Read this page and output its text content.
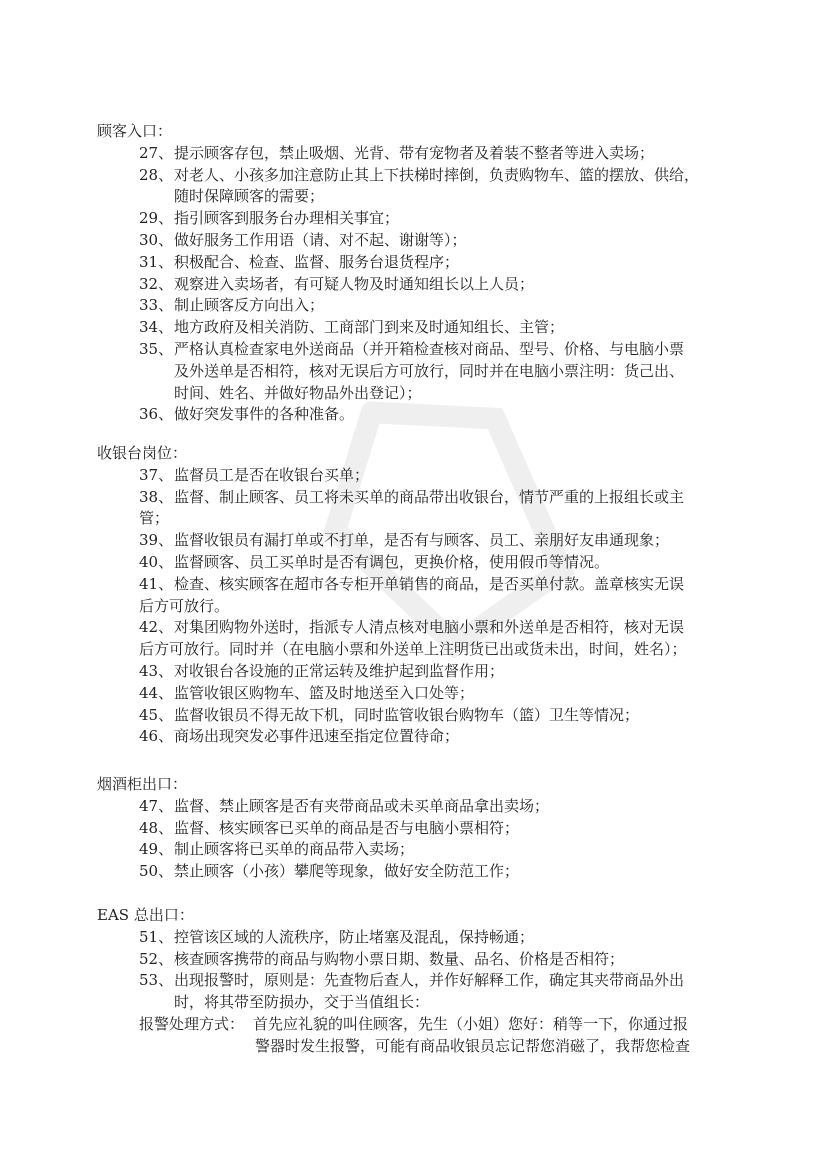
顾客入口：
27、 提示顾客存包，禁止吸烟、光背、带有宠物者及着装不整者等进入卖场；
28、 对老人、小孩多加注意防止其上下扶梯时摔倒，负责购物车、篮的摆放、供给，
随时保障顾客的需要；
29、 指引顾客到服务台办理相关事宜；
30、 做好服务工作用语（请、对不起、谢谢等）；
31、 积极配合、检查、监督、服务台退货程序；
32、 观察进入卖场者，有可疑人物及时通知组长以上人员；
33、 制止顾客反方向出入；
34、 地方政府及相关消防、工商部门到来及时通知组长、主管；
35、 严格认真检查家电外送商品（并开箱检查核对商品、型号、价格、与电脑小票
及外送单是否相符，核对无误后方可放行，同时并在电脑小票注明：货己出、
时间、姓名、并做好物品外出登记）；
36、 做好突发事件的各种准备。
收银台岗位：
37、 监督员工是否在收银台买单；
38、 监督、制止顾客、员工将未买单的商品带出收银台，情节严重的上报组长或主
管；
39、 监督收银员有漏打单或不打单，是否有与顾客、员工、亲朋好友串通现象；
40、 监督顾客、员工买单时是否有调包，更换价格，使用假币等情况。
41、 检查、核实顾客在超市各专柜开单销售的商品，是否买单付款。盖章核实无误
后方可放行。
42、 对集团购物外送时，指派专人清点核对电脑小票和外送单是否相符，核对无误
后方可放行。同时并（在电脑小票和外送单上注明货已出或货未出，时间，姓名）；
43、 对收银台各设施的正常运转及维护起到监督作用；
44、 监管收银区购物车、篮及时地送至入口处等；
45、 监督收银员不得无故下机，同时监管收银台购物车（篮）卫生等情况；
46、 商场出现突发必事件迅速至指定位置待命；
烟酒柜出口：
47、 监督、禁止顾客是否有夹带商品或未买单商品拿出卖场；
48、 监督、核实顾客已买单的商品是否与电脑小票相符；
49、 制止顾客将已买单的商品带入卖场；
50、 禁止顾客（小孩）攀爬等现象，做好安全防范工作；
EAS 总出口：
51、 控管该区域的人流秩序，防止堵塞及混乱，保持畅通；
52、 核查顾客携带的商品与购物小票日期、数量、品名、价格是否相符；
53、 出现报警时，原则是：先查物后查人，并作好解释工作，确定其夹带商品外出
时，将其带至防损办，交于当值组长：
报警处理方式： 首先应礼貌的叫住顾客，先生（小姐）您好：稍等一下，你通过报
警器时发生报警，可能有商品收银员忘记帮您消磁了，我帮您检查
